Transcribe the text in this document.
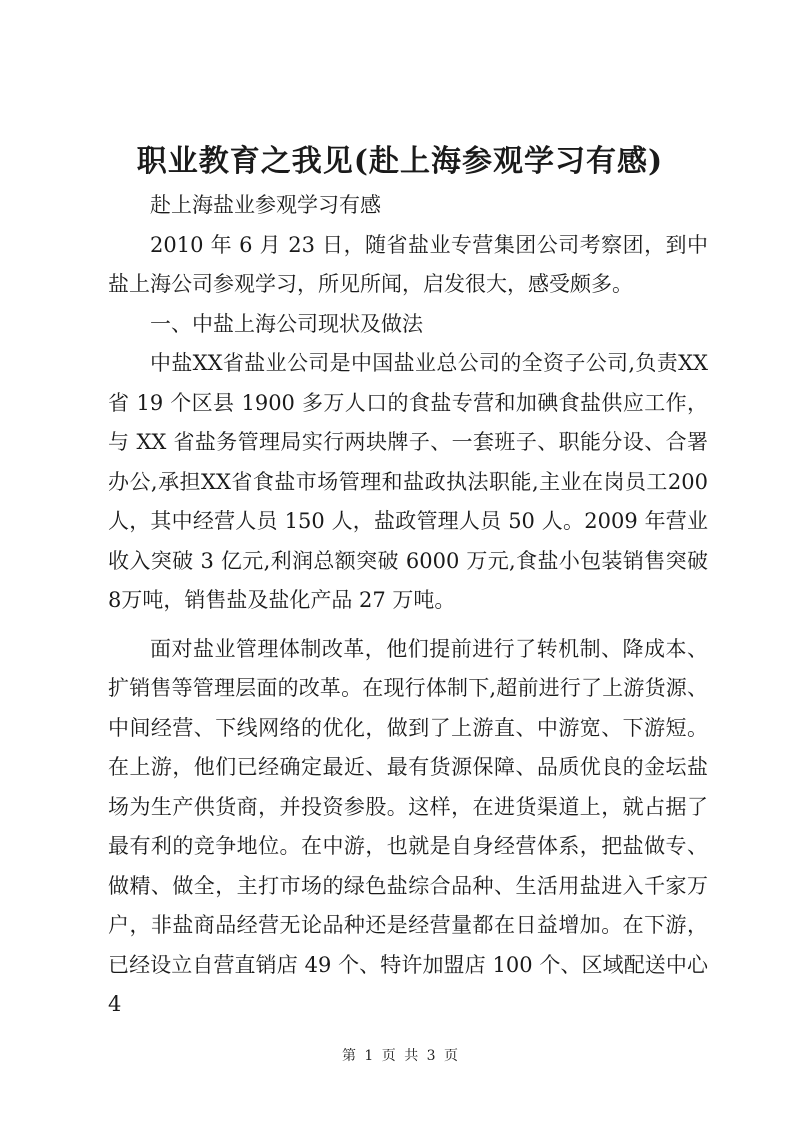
职业教育之我见(赴上海参观学习有感)

赴上海盐业参观学习有感

2010 年 6 月 23 日，随省盐业专营集团公司考察团，到中盐上海公司参观学习，所见所闻，启发很大，感受颇多。

一、中盐上海公司现状及做法

中盐XX省盐业公司是中国盐业总公司的全资子公司,负责XX省 19 个区县 1900 多万人口的食盐专营和加碘食盐供应工作，与 XX 省盐务管理局实行两块牌子、一套班子、职能分设、合署办公,承担XX省食盐市场管理和盐政执法职能,主业在岗员工200人，其中经营人员 150 人，盐政管理人员 50 人。2009 年营业收入突破 3 亿元,利润总额突破 6000 万元,食盐小包装销售突破 8万吨，销售盐及盐化产品 27 万吨。

面对盐业管理体制改革，他们提前进行了转机制、降成本、扩销售等管理层面的改革。在现行体制下,超前进行了上游货源、中间经营、下线网络的优化，做到了上游直、中游宽、下游短。在上游，他们已经确定最近、最有货源保障、品质优良的金坛盐场为生产供货商，并投资参股。这样，在进货渠道上，就占据了最有利的竞争地位。在中游，也就是自身经营体系，把盐做专、做精、做全，主打市场的绿色盐综合品种、生活用盐进入千家万户，非盐商品经营无论品种还是经营量都在日益增加。在下游，已经设立自营直销店 49 个、特许加盟店 100 个、区域配送中心 4

第 1 页 共 3 页
